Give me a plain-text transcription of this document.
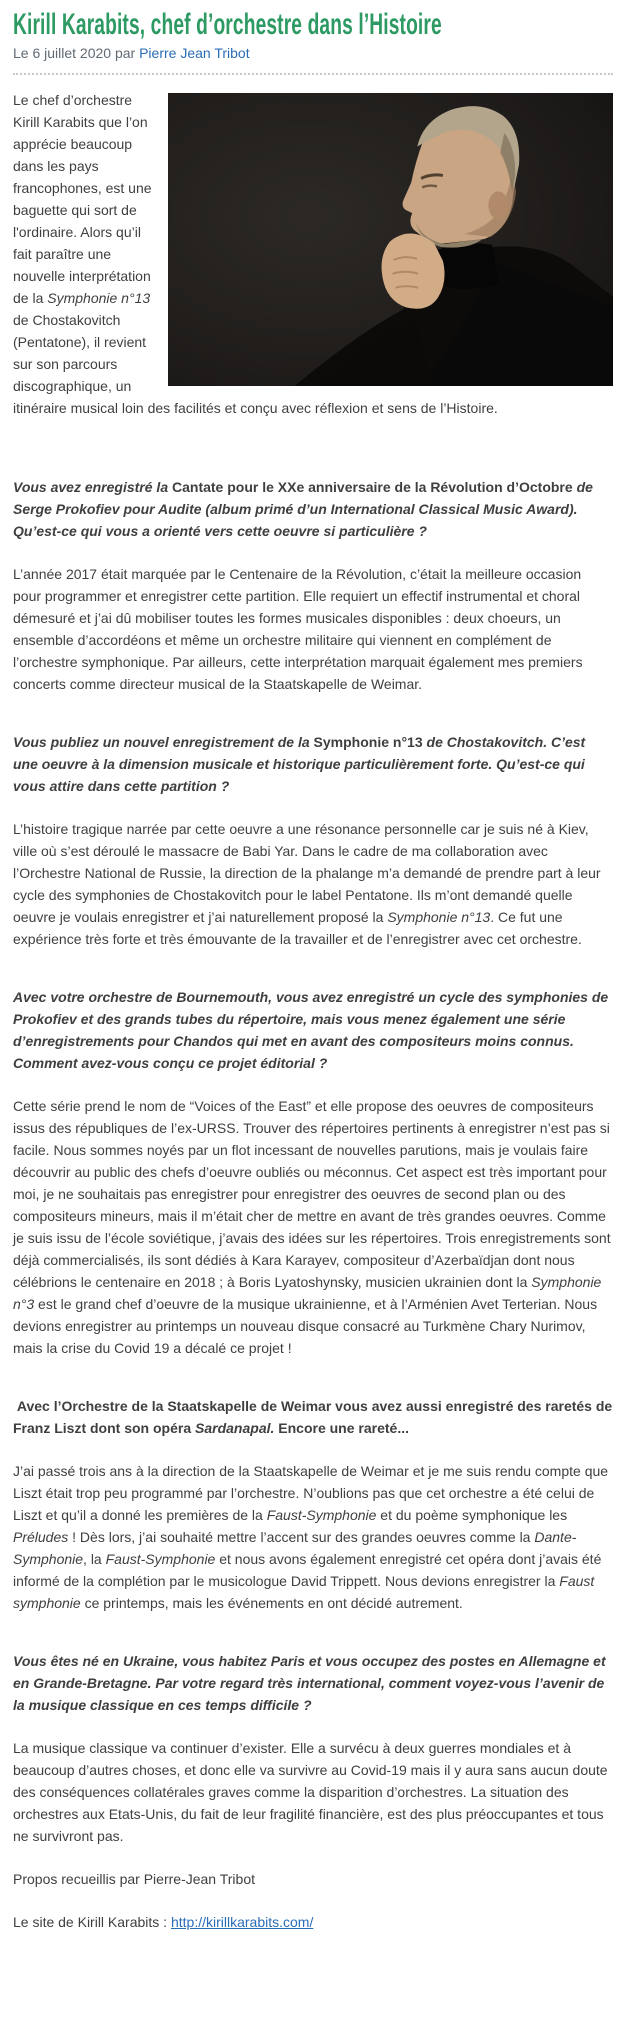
Kirill Karabits, chef d’orchestre dans l’Histoire
Le 6 juillet 2020 par Pierre Jean Tribot

Le chef d’orchestre Kirill Karabits que l’on apprécie beaucoup dans les pays francophones, est une baguette qui sort de l'ordinaire. Alors qu’il fait paraître une nouvelle interprétation de la Symphonie n°13 de Chostakovitch (Pentatone), il revient sur son parcours discographique, un itinéraire musical loin des facilités et conçu avec réflexion et sens de l’Histoire.

Vous avez enregistré la Cantate pour le XXe anniversaire de la Révolution d’Octobre de Serge Prokofiev pour Audite (album primé d’un International Classical Music Award). Qu’est-ce qui vous a orienté vers cette oeuvre si particulière ?

L’année 2017 était marquée par le Centenaire de la Révolution, c’était la meilleure occasion pour programmer et enregistrer cette partition. Elle requiert un effectif instrumental et choral démesuré et j’ai dû mobiliser toutes les formes musicales disponibles : deux choeurs, un ensemble d’accordéons et même un orchestre militaire qui viennent en complément de l’orchestre symphonique. Par ailleurs, cette interprétation marquait également mes premiers concerts comme directeur musical de la Staatskapelle de Weimar.

Vous publiez un nouvel enregistrement de la Symphonie n°13 de Chostakovitch. C’est une oeuvre à la dimension musicale et historique particulièrement forte. Qu’est-ce qui vous attire dans cette partition ?

L’histoire tragique narrée par cette oeuvre a une résonance personnelle car je suis né à Kiev, ville où s’est déroulé le massacre de Babi Yar. Dans le cadre de ma collaboration avec l’Orchestre National de Russie, la direction de la phalange m’a demandé de prendre part à leur cycle des symphonies de Chostakovitch pour le label Pentatone. Ils m’ont demandé quelle oeuvre je voulais enregistrer et j’ai naturellement proposé la Symphonie n°13. Ce fut une expérience très forte et très émouvante de la travailler et de l’enregistrer avec cet orchestre.

Avec votre orchestre de Bournemouth, vous avez enregistré un cycle des symphonies de Prokofiev et des grands tubes du répertoire, mais vous menez également une série d’enregistrements pour Chandos qui met en avant des compositeurs moins connus. Comment avez-vous conçu ce projet éditorial ?

Cette série prend le nom de “Voices of the East” et elle propose des oeuvres de compositeurs issus des républiques de l’ex-URSS. Trouver des répertoires pertinents à enregistrer n’est pas si facile. Nous sommes noyés par un flot incessant de nouvelles parutions, mais je voulais faire découvrir au public des chefs d’oeuvre oubliés ou méconnus. Cet aspect est très important pour moi, je ne souhaitais pas enregistrer pour enregistrer des oeuvres de second plan ou des compositeurs mineurs, mais il m’était cher de mettre en avant de très grandes oeuvres. Comme je suis issu de l’école soviétique, j’avais des idées sur les répertoires. Trois enregistrements sont déjà commercialisés, ils sont dédiés à Kara Karayev, compositeur d’Azerbaïdjan dont nous célébrions le centenaire en 2018 ; à Boris Lyatoshynsky, musicien ukrainien dont la Symphonie n°3 est le grand chef d’oeuvre de la musique ukrainienne, et à l’Arménien Avet Terterian. Nous devions enregistrer au printemps un nouveau disque consacré au Turkmène Chary Nurimov, mais la crise du Covid 19 a décalé ce projet !

Avec l’Orchestre de la Staatskapelle de Weimar vous avez aussi enregistré des raretés de Franz Liszt dont son opéra Sardanapal. Encore une rareté...

J’ai passé trois ans à la direction de la Staatskapelle de Weimar et je me suis rendu compte que Liszt était trop peu programmé par l’orchestre. N’oublions pas que cet orchestre a été celui de Liszt et qu’il a donné les premières de la Faust-Symphonie et du poème symphonique les Préludes ! Dès lors, j’ai souhaité mettre l’accent sur des grandes oeuvres comme la Dante-Symphonie, la Faust-Symphonie et nous avons également enregistré cet opéra dont j’avais été informé de la complétion par le musicologue David Trippett. Nous devions enregistrer la Faust symphonie ce printemps, mais les événements en ont décidé autrement.

Vous êtes né en Ukraine, vous habitez Paris et vous occupez des postes en Allemagne et en Grande-Bretagne. Par votre regard très international, comment voyez-vous l’avenir de la musique classique en ces temps difficile ?

La musique classique va continuer d’exister. Elle a survécu à deux guerres mondiales et à beaucoup d’autres choses, et donc elle va survivre au Covid-19 mais il y aura sans aucun doute des conséquences collatérales graves comme la disparition d’orchestres. La situation des orchestres aux Etats-Unis, du fait de leur fragilité financière, est des plus préoccupantes et tous ne survivront pas.

Propos recueillis par Pierre-Jean Tribot

Le site de Kirill Karabits : http://kirillkarabits.com/
